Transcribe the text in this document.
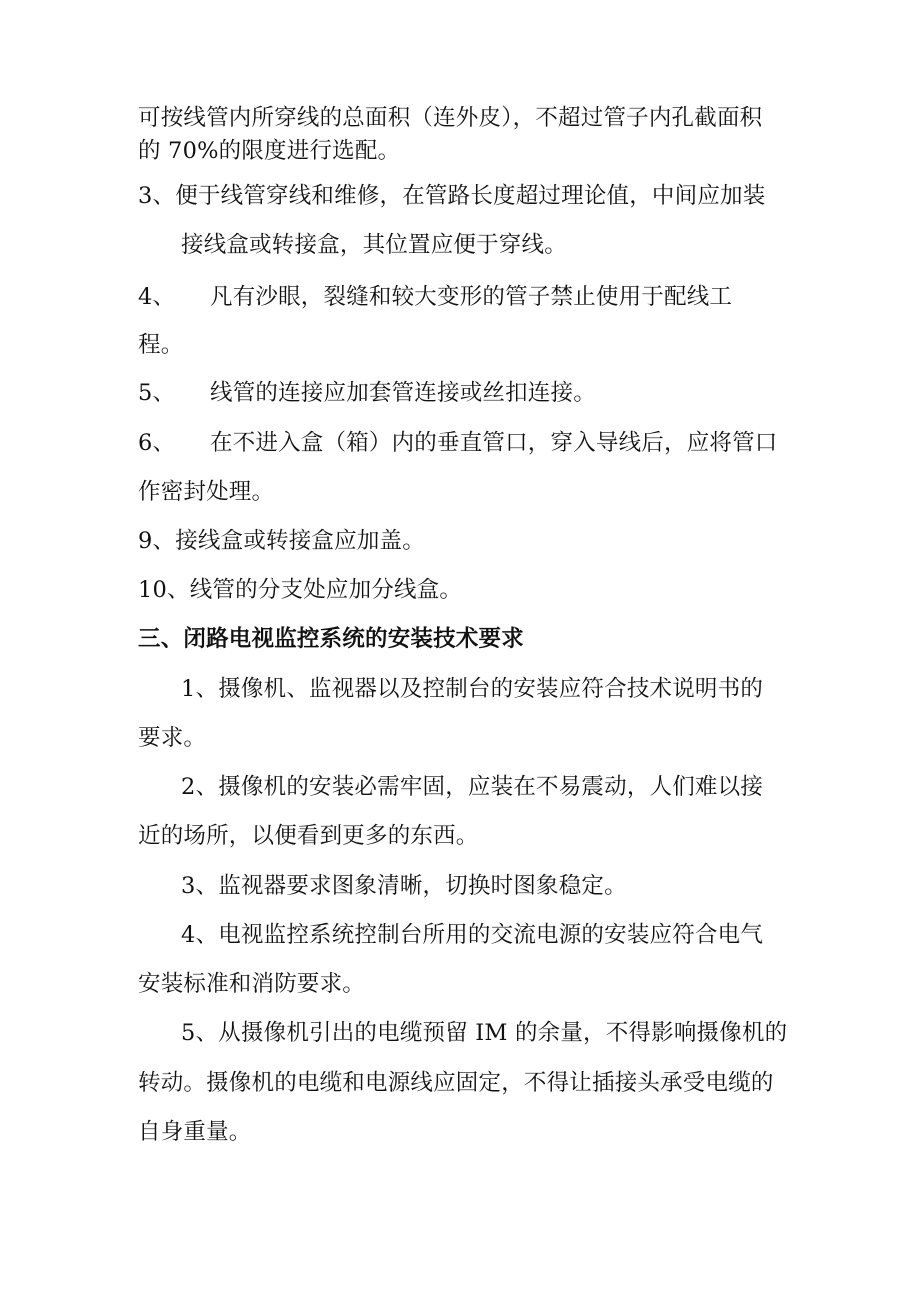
可按线管内所穿线的总面积（连外皮），不超过管子内孔截面积
的 70%的限度进行选配。
3、便于线管穿线和维修，在管路长度超过理论值，中间应加装
接线盒或转接盒，其位置应便于穿线。
4、 凡有沙眼，裂缝和较大变形的管子禁止使用于配线工
程。
5、 线管的连接应加套管连接或丝扣连接。
6、 在不进入盒（箱）内的垂直管口，穿入导线后，应将管口
作密封处理。
9、接线盒或转接盒应加盖。
10、线管的分支处应加分线盒。
三、闭路电视监控系统的安装技术要求
1、摄像机、监视器以及控制台的安装应符合技术说明书的
要求。
2、摄像机的安装必需牢固，应装在不易震动，人们难以接
近的场所，以便看到更多的东西。
3、监视器要求图象清晰，切换时图象稳定。
4、电视监控系统控制台所用的交流电源的安装应符合电气
安装标准和消防要求。
5、从摄像机引出的电缆预留 IM 的余量，不得影响摄像机的
转动。摄像机的电缆和电源线应固定，不得让插接头承受电缆的
自身重量。
